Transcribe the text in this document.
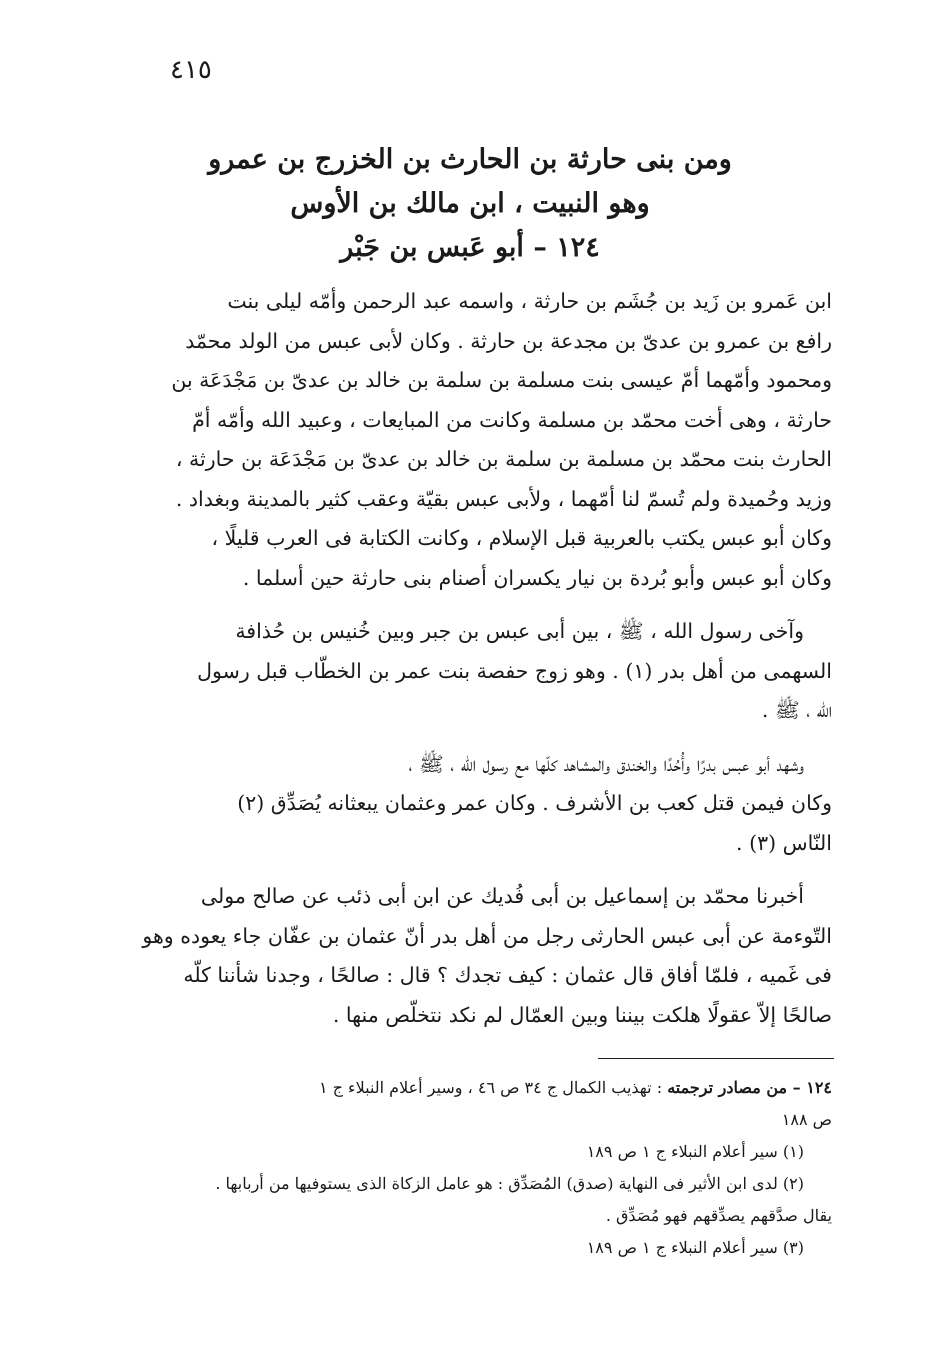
٤١٥
ومن بنى حارثة بن الحارث بن الخزرج بن عمرو
وهو النبيت ، ابن مالك بن الأوس
١٢٤ – أبو عَبس بن جَبْر

ابن عَمرو بن زَيد بن جُشَم بن حارثة ، واسمه عبد الرحمن وأمّه ليلى بنت
رافع بن عمرو بن عدىّ بن مجدعة بن حارثة . وكان لأبى عبس من الولد محمّد
ومحمود وأمّهما أمّ عيسى بنت مسلمة بن سلمة بن خالد بن عدىّ بن مَجْدَعَة بن
حارثة ، وهى أخت محمّد بن مسلمة وكانت من المبايعات ، وعبيد الله وأمّه أمّ
الحارث بنت محمّد بن مسلمة بن سلمة بن خالد بن عدىّ بن مَجْدَعَة بن حارثة ،
وزيد وحُميدة ولم تُسمّ لنا أمّهما ، ولأبى عبس بقيّة وعقب كثير بالمدينة وبغداد .
وكان أبو عبس يكتب بالعربية قبل الإسلام ، وكانت الكتابة فى العرب قليلًا ،
وكان أبو عبس وأبو بُردة بن نيار يكسران أصنام بنى حارثة حين أسلما .

وآخى رسول الله ، ﷺ ، بين أبى عبس بن جبر وبين خُنيس بن حُذافة
السهمى من أهل بدر (١) . وهو زوج حفصة بنت عمر بن الخطّاب قبل رسول
الله ، ﷺ .

وشهد أبو عبس بدرًا وأُحُدًا والخندق والمشاهد كلّها مع رسول الله ، ﷺ ،
وكان فيمن قتل كعب بن الأشرف . وكان عمر وعثمان يبعثانه يُصَدِّق (٢)
النّاس (٣) .

أخبرنا محمّد بن إسماعيل بن أبى فُديك عن ابن أبى ذئب عن صالح مولى
التّوءمة عن أبى عبس الحارثى رجل من أهل بدر أنّ عثمان بن عفّان جاء يعوده وهو
فى غَميه ، فلمّا أفاق قال عثمان : كيف تجدك ؟ قال : صالحًا ، وجدنا شأننا كلّه
صالحًا إلاّ عقولًا هلكت بيننا وبين العمّال لم نكد نتخلّص منها .

١٢٤ – من مصادر ترجمته : تهذيب الكمال ج ٣٤ ص ٤٦ ، وسير أعلام النبلاء ج ١
ص ١٨٨
(١) سير أعلام النبلاء ج ١ ص ١٨٩
(٢) لدى ابن الأثير فى النهاية (صدق) المُصَدِّق : هو عامل الزكاة الذى يستوفيها من أربابها .
يقال صدَّقهم يصدِّقهم فهو مُصَدِّق .
(٣) سير أعلام النبلاء ج ١ ص ١٨٩
